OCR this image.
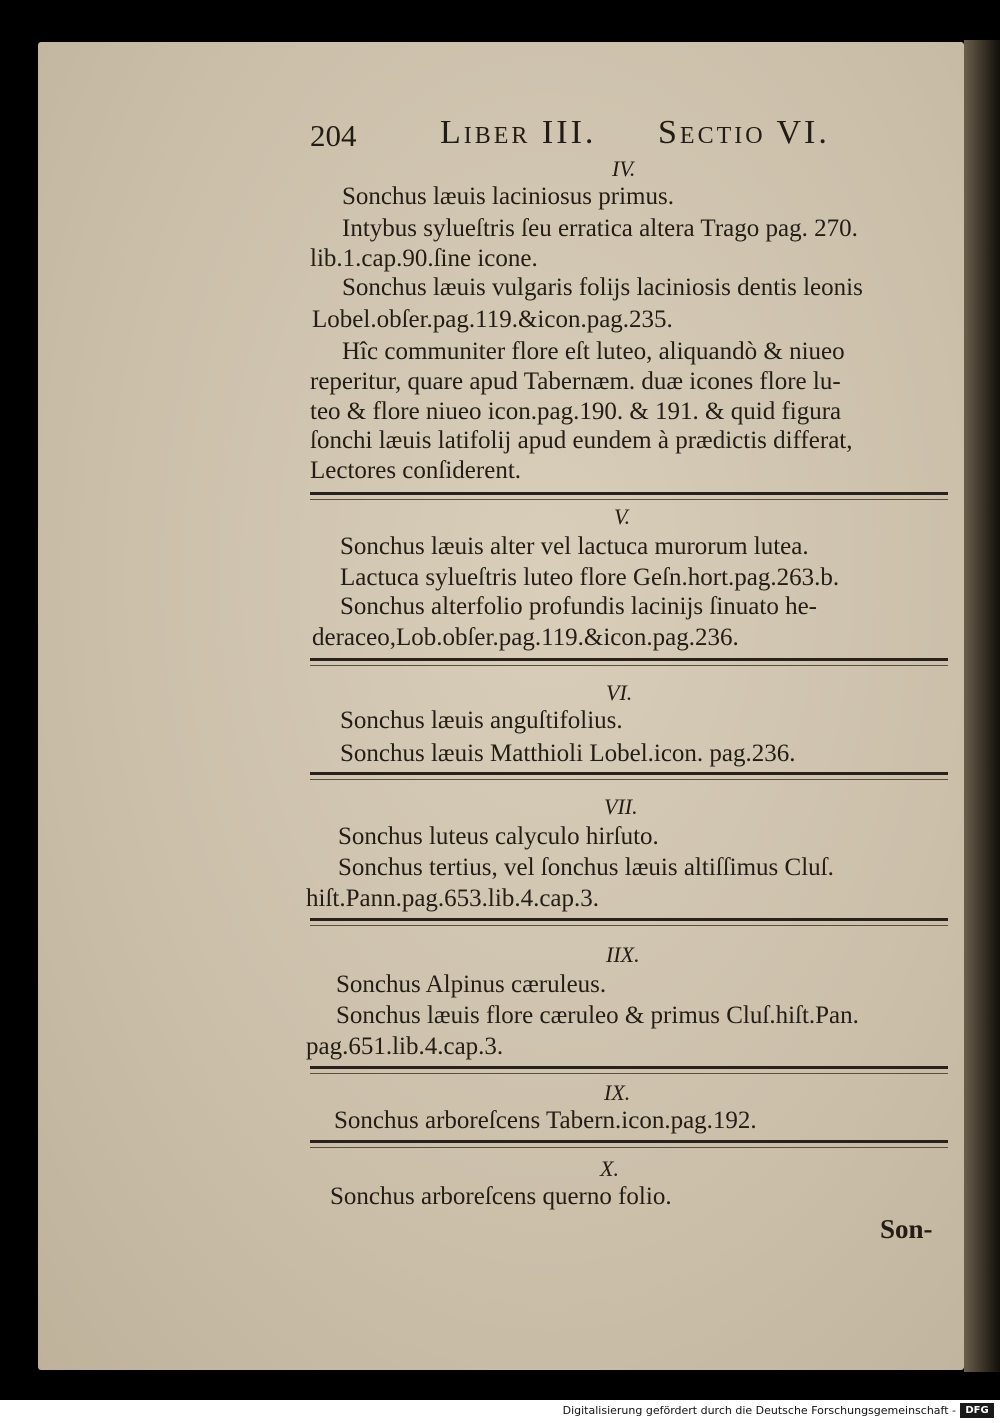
204 Liber III. Sectio VI.
IV.
Sonchus læuis laciniosus primus.
Intybus sylueſtris ſeu erratica altera Trago pag. 270.
lib.1.cap.90.ſine icone.
Sonchus læuis vulgaris folijs laciniosis dentis leonis
Lobel.obſer.pag.119.&icon.pag.235.
Hîc communiter flore eſt luteo, aliquandò & niueo
reperitur, quare apud Tabernæm. duæ icones flore lu-
teo & flore niueo icon.pag.190. & 191. & quid figura
ſonchi læuis latifolij apud eundem à prædictis differat,
Lectores conſiderent.
V.
Sonchus læuis alter vel lactuca murorum lutea.
Lactuca sylueſtris luteo flore Geſn.hort.pag.263.b.
Sonchus alterfolio profundis lacinijs ſinuato he-
deraceo,Lob.obſer.pag.119.&icon.pag.236.
VI.
Sonchus læuis anguſtifolius.
Sonchus læuis Matthioli Lobel.icon. pag.236.
VII.
Sonchus luteus calyculo hirſuto.
Sonchus tertius, vel ſonchus læuis altiſſimus Cluſ.
hiſt.Pann.pag.653.lib.4.cap.3.
IIX.
Sonchus Alpinus cæruleus.
Sonchus læuis flore cæruleo & primus Cluſ.hiſt.Pan.
pag.651.lib.4.cap.3.
IX.
Sonchus arboreſcens Tabern.icon.pag.192.
X.
Sonchus arboreſcens querno folio.
Son-
Digitalisierung gefördert durch die Deutsche Forschungsgemeinschaft - DFG
